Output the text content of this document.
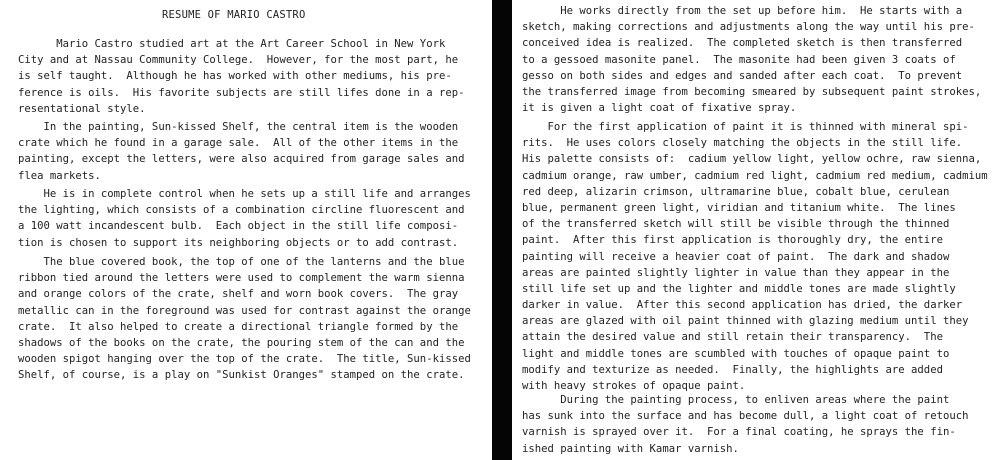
RESUME OF MARIO CASTRO
Mario Castro studied art at the Art Career School in New York
City and at Nassau Community College.  However, for the most part, he
is self taught.  Although he has worked with other mediums, his pre-
ference is oils.  His favorite subjects are still lifes done in a rep-
resentational style.
In the painting, Sun-kissed Shelf, the central item is the wooden
crate which he found in a garage sale.  All of the other items in the
painting, except the letters, were also acquired from garage sales and
flea markets.
He is in complete control when he sets up a still life and arranges
the lighting, which consists of a combination circline fluorescent and
a 100 watt incandescent bulb.  Each object in the still life composi-
tion is chosen to support its neighboring objects or to add contrast.
The blue covered book, the top of one of the lanterns and the blue
ribbon tied around the letters were used to complement the warm sienna
and orange colors of the crate, shelf and worn book covers.  The gray
metallic can in the foreground was used for contrast against the orange
crate.  It also helped to create a directional triangle formed by the
shadows of the books on the crate, the pouring stem of the can and the
wooden spigot hanging over the top of the crate.  The title, Sun-kissed
Shelf, of course, is a play on "Sunkist Oranges" stamped on the crate.
He works directly from the set up before him.  He starts with a
sketch, making corrections and adjustments along the way until his pre-
conceived idea is realized.  The completed sketch is then transferred
to a gessoed masonite panel.  The masonite had been given 3 coats of
gesso on both sides and edges and sanded after each coat.  To prevent
the transferred image from becoming smeared by subsequent paint strokes,
it is given a light coat of fixative spray.
For the first application of paint it is thinned with mineral spi-
rits.  He uses colors closely matching the objects in the still life.
His palette consists of:  cadium yellow light, yellow ochre, raw sienna,
cadmium orange, raw umber, cadmium red light, cadmium red medium, cadmium
red deep, alizarin crimson, ultramarine blue, cobalt blue, cerulean
blue, permanent green light, viridian and titanium white.  The lines
of the transferred sketch will still be visible through the thinned
paint.  After this first application is thoroughly dry, the entire
painting will receive a heavier coat of paint.  The dark and shadow
areas are painted slightly lighter in value than they appear in the
still life set up and the lighter and middle tones are made slightly
darker in value.  After this second application has dried, the darker
areas are glazed with oil paint thinned with glazing medium until they
attain the desired value and still retain their transparency.  The
light and middle tones are scumbled with touches of opaque paint to
modify and texturize as needed.  Finally, the highlights are added
with heavy strokes of opaque paint.
During the painting process, to enliven areas where the paint
has sunk into the surface and has become dull, a light coat of retouch
varnish is sprayed over it.  For a final coating, he sprays the fin-
ished painting with Kamar varnish.
